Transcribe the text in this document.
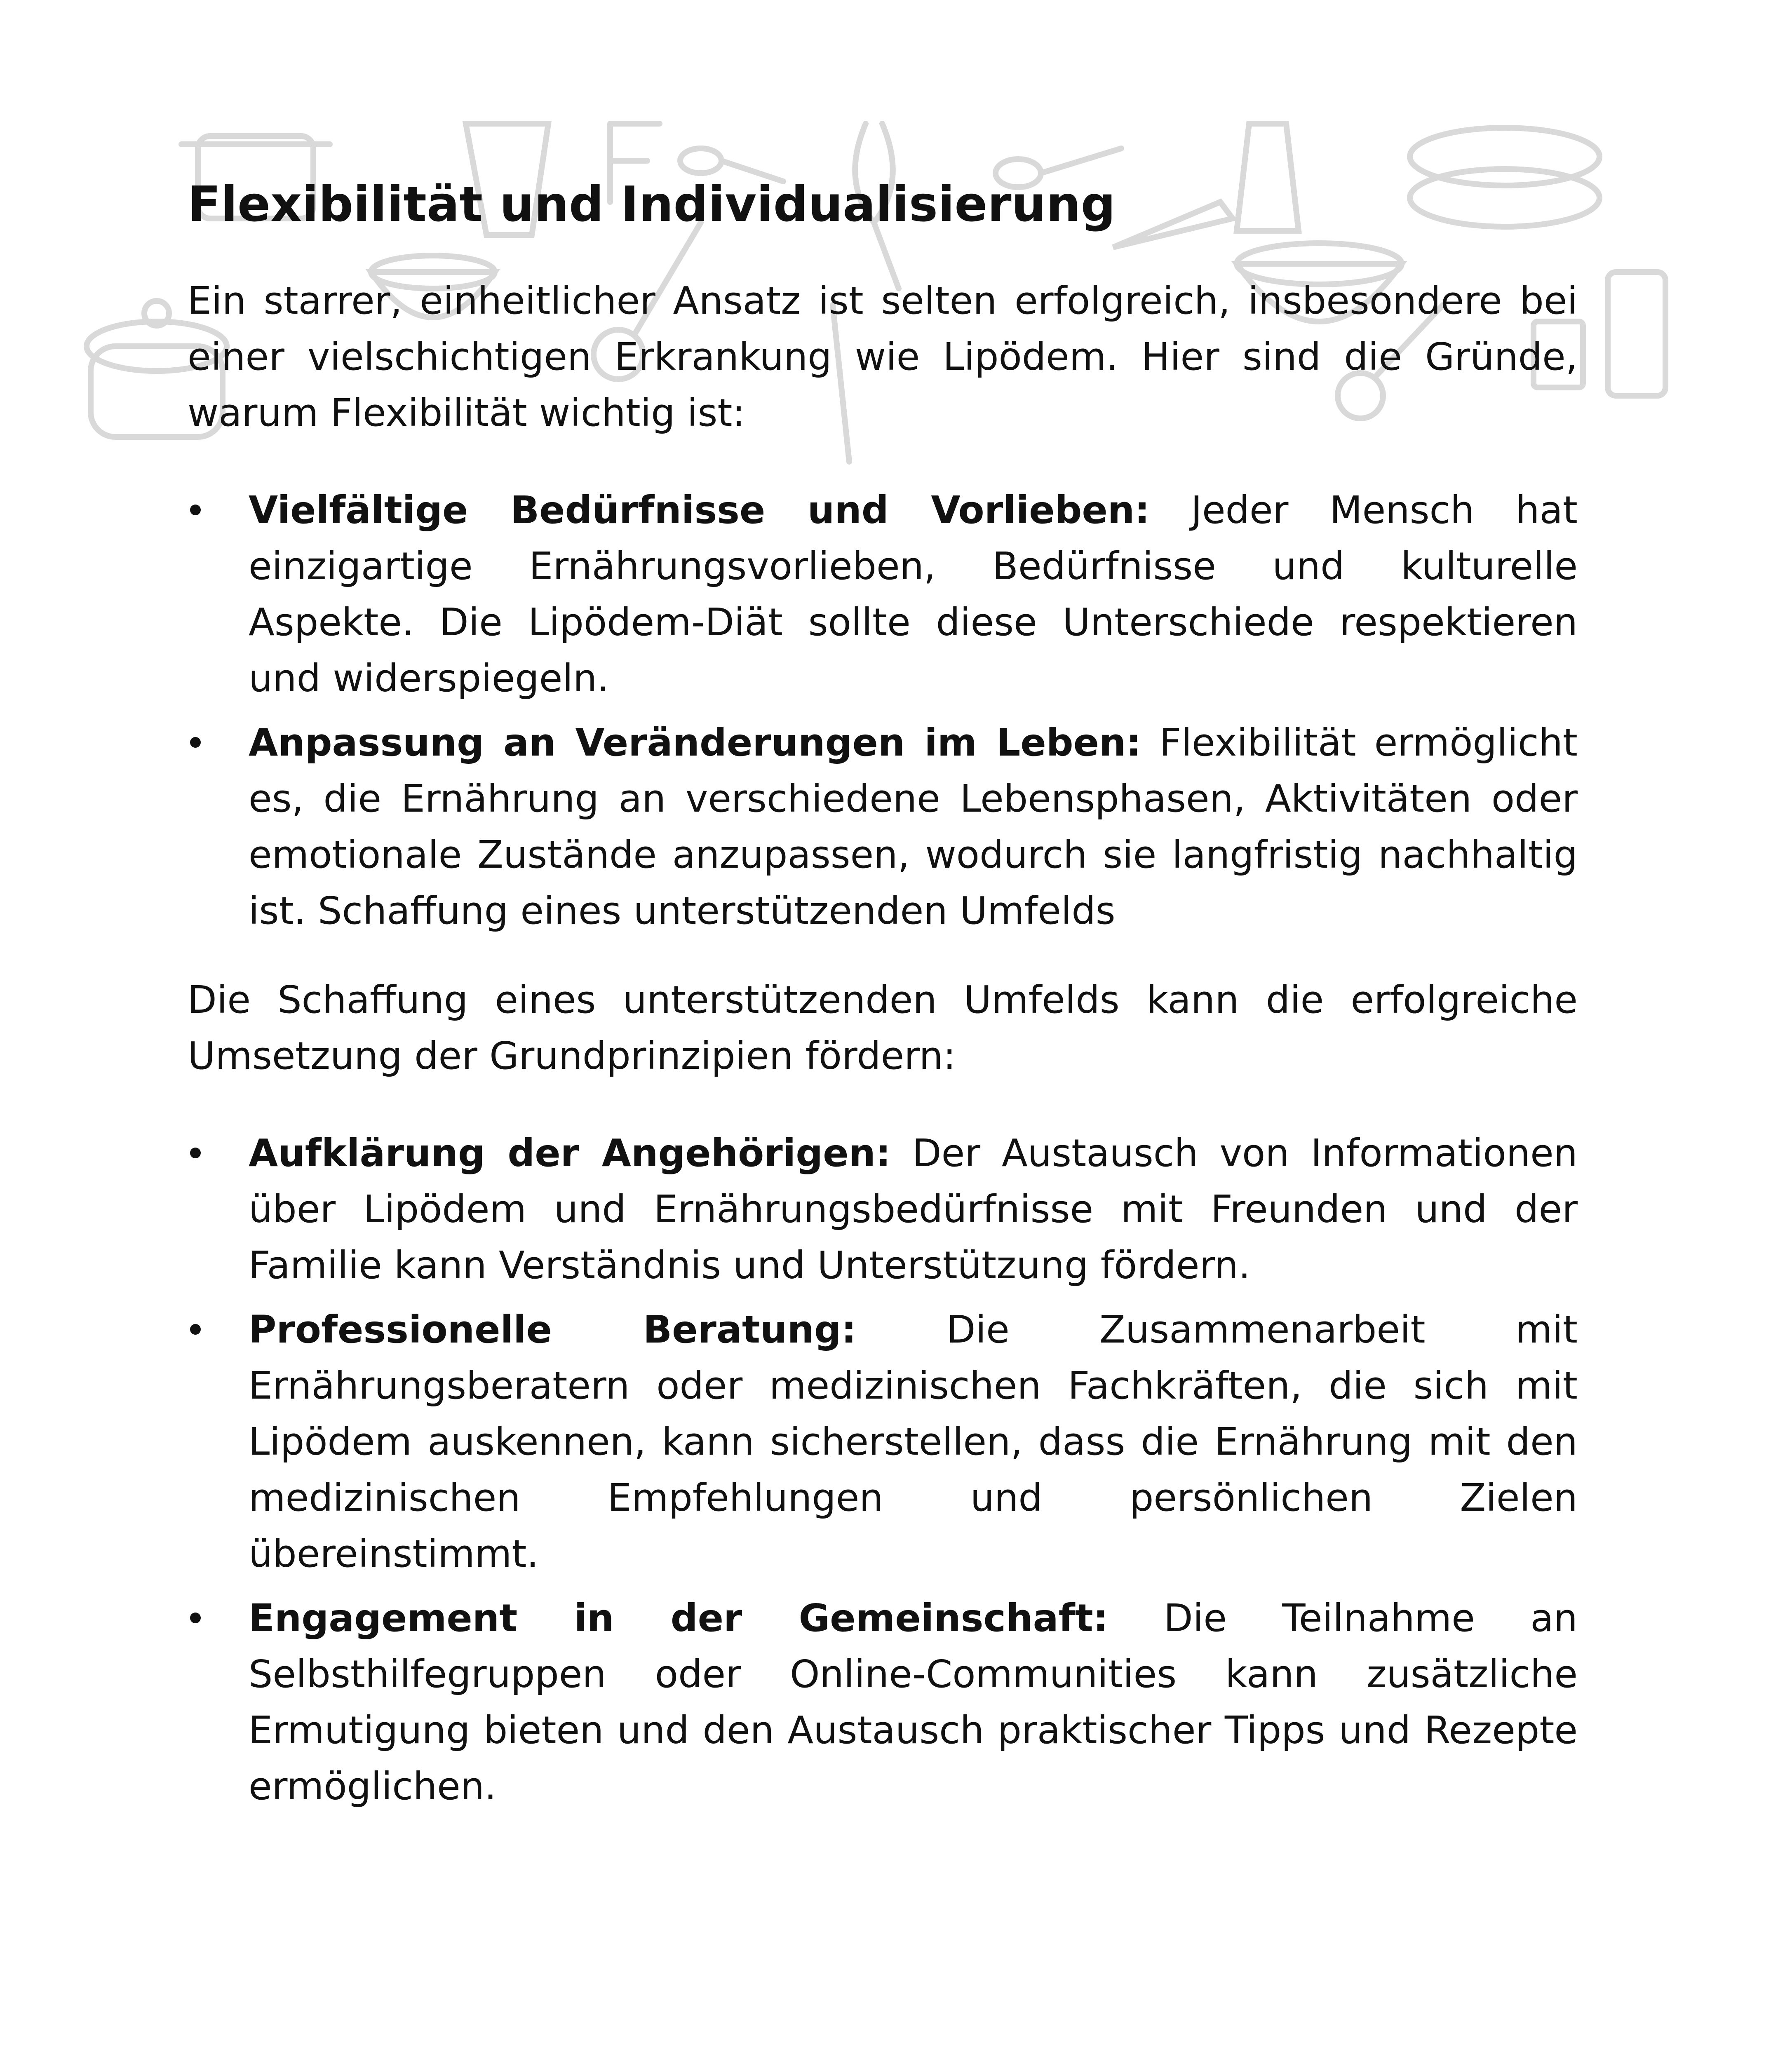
Flexibilität und Individualisierung

Ein starrer, einheitlicher Ansatz ist selten erfolgreich, insbesondere bei einer vielschichtigen Erkrankung wie Lipödem. Hier sind die Gründe, warum Flexibilität wichtig ist:

Vielfältige Bedürfnisse und Vorlieben: Jeder Mensch hat einzigartige Ernährungsvorlieben, Bedürfnisse und kulturelle Aspekte. Die Lipödem-Diät sollte diese Unterschiede respektieren und widerspiegeln.
Anpassung an Veränderungen im Leben: Flexibilität ermöglicht es, die Ernährung an verschiedene Lebensphasen, Aktivitäten oder emotionale Zustände anzupassen, wodurch sie langfristig nachhaltig ist. Schaffung eines unterstützenden Umfelds

Die Schaffung eines unterstützenden Umfelds kann die erfolgreiche Umsetzung der Grundprinzipien fördern:

Aufklärung der Angehörigen: Der Austausch von Informationen über Lipödem und Ernährungsbedürfnisse mit Freunden und der Familie kann Verständnis und Unterstützung fördern.
Professionelle Beratung: Die Zusammenarbeit mit Ernährungsberatern oder medizinischen Fachkräften, die sich mit Lipödem auskennen, kann sicherstellen, dass die Ernährung mit den medizinischen Empfehlungen und persönlichen Zielen übereinstimmt.
Engagement in der Gemeinschaft: Die Teilnahme an Selbsthilfegruppen oder Online-Communities kann zusätzliche Ermutigung bieten und den Austausch praktischer Tipps und Rezepte ermöglichen.
